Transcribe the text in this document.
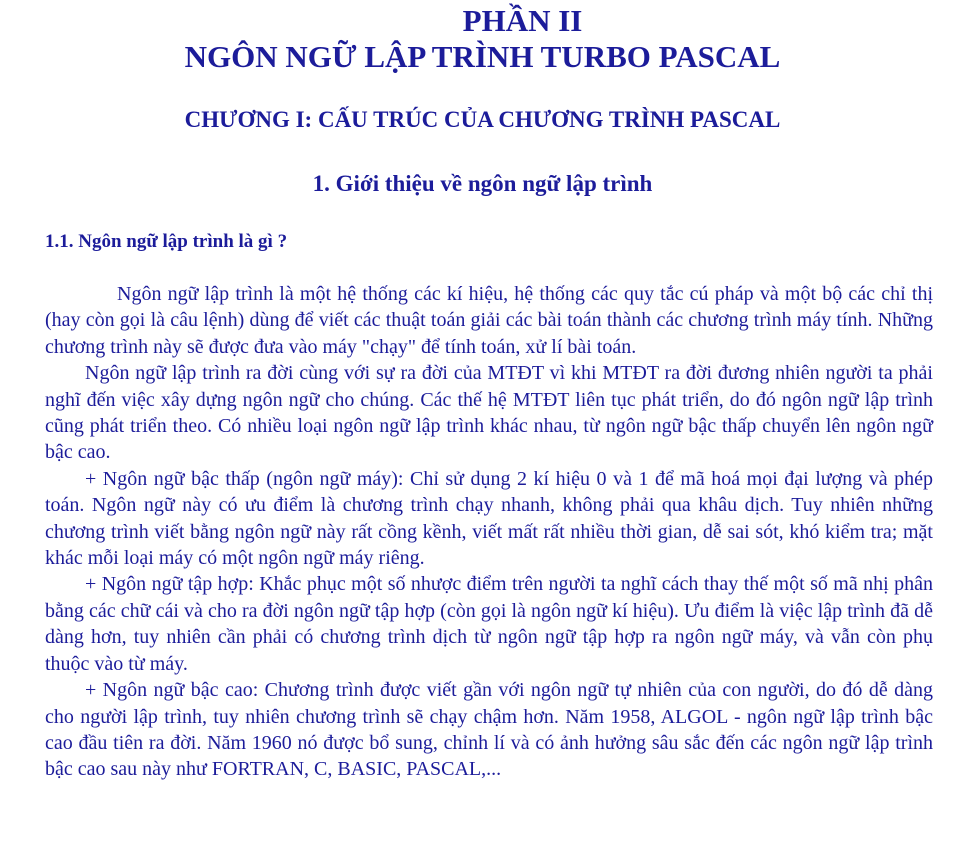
PHẦN II
NGÔN NGỮ LẬP TRÌNH TURBO PASCAL
CHƯƠNG I: CẤU TRÚC CỦA CHƯƠNG TRÌNH PASCAL
1. Giới thiệu về ngôn ngữ lập trình
1.1. Ngôn ngữ lập trình là gì ?

Ngôn ngữ lập trình là một hệ thống các kí hiệu, hệ thống các quy tắc cú pháp và một bộ các chỉ thị (hay còn gọi là câu lệnh) dùng để viết các thuật toán giải các bài toán thành các chương trình máy tính. Những chương trình này sẽ được đưa vào máy "chạy" để tính toán, xử lí bài toán.

Ngôn ngữ lập trình ra đời cùng với sự ra đời của MTĐT vì khi MTĐT ra đời đương nhiên người ta phải nghĩ đến việc xây dựng ngôn ngữ cho chúng. Các thế hệ MTĐT liên tục phát triển, do đó ngôn ngữ lập trình cũng phát triển theo. Có nhiều loại ngôn ngữ lập trình khác nhau, từ ngôn ngữ bậc thấp chuyển lên ngôn ngữ bậc cao.

+ Ngôn ngữ bậc thấp (ngôn ngữ máy): Chỉ sử dụng 2 kí hiệu 0 và 1 để mã hoá mọi đại lượng và phép toán. Ngôn ngữ này có ưu điểm là chương trình chạy nhanh, không phải qua khâu dịch. Tuy nhiên những chương trình viết bằng ngôn ngữ này rất cồng kềnh, viết mất rất nhiều thời gian, dễ sai sót, khó kiểm tra; mặt khác mỗi loại máy có một ngôn ngữ máy riêng.

+ Ngôn ngữ tập hợp: Khắc phục một số nhược điểm trên người ta nghĩ cách thay thế một số mã nhị phân bằng các chữ cái và cho ra đời ngôn ngữ tập hợp (còn gọi là ngôn ngữ kí hiệu). Ưu điểm là việc lập trình đã dễ dàng hơn, tuy nhiên cần phải có chương trình dịch từ ngôn ngữ tập hợp ra ngôn ngữ máy, và vẫn còn phụ thuộc vào từ máy.

+ Ngôn ngữ bậc cao: Chương trình được viết gần với ngôn ngữ tự nhiên của con người, do đó dễ dàng cho người lập trình, tuy nhiên chương trình sẽ chạy chậm hơn. Năm 1958, ALGOL - ngôn ngữ lập trình bậc cao đầu tiên ra đời. Năm 1960 nó được bổ sung, chỉnh lí và có ảnh hưởng sâu sắc đến các ngôn ngữ lập trình bậc cao sau này như FORTRAN, C, BASIC, PASCAL,...
